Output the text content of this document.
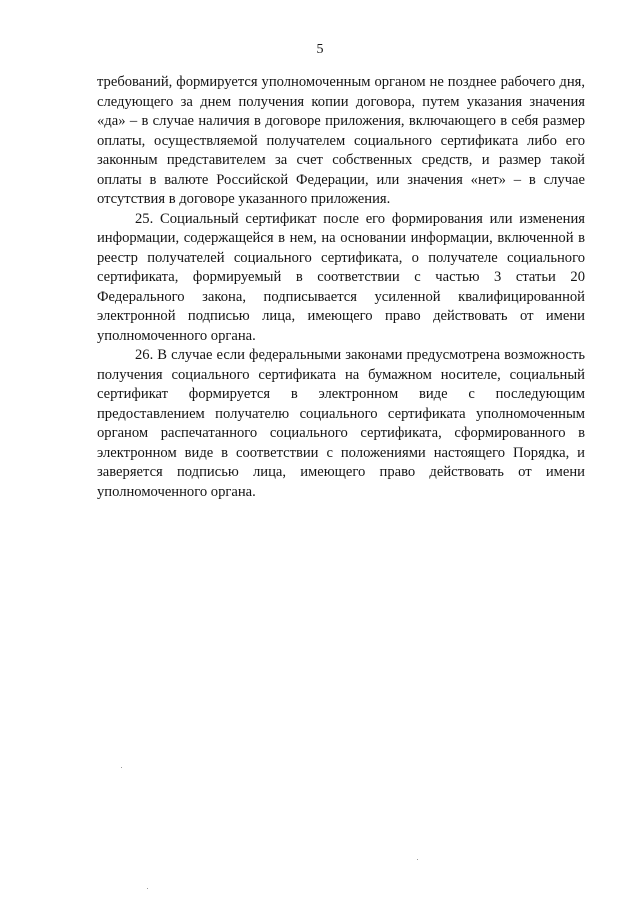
5

требований, формируется уполномоченным органом не позднее рабочего дня, следующего за днем получения копии договора, путем указания значения «да» – в случае наличия в договоре приложения, включающего в себя размер оплаты, осуществляемой получателем социального сертификата либо его законным представителем за счет собственных средств, и размер такой оплаты в валюте Российской Федерации, или значения «нет» – в случае отсутствия в договоре указанного приложения.

25. Социальный сертификат после его формирования или изменения информации, содержащейся в нем, на основании информации, включенной в реестр получателей социального сертификата, о получателе социального сертификата, формируемый в соответствии с частью 3 статьи 20 Федерального закона, подписывается усиленной квалифицированной электронной подписью лица, имеющего право действовать от имени уполномоченного органа.

26. В случае если федеральными законами предусмотрена возможность получения социального сертификата на бумажном носителе, социальный сертификат формируется в электронном виде с последующим предоставлением получателю социального сертификата уполномоченным органом распечатанного социального сертификата, сформированного в электронном виде в соответствии с положениями настоящего Порядка, и заверяется подписью лица, имеющего право действовать от имени уполномоченного органа.
